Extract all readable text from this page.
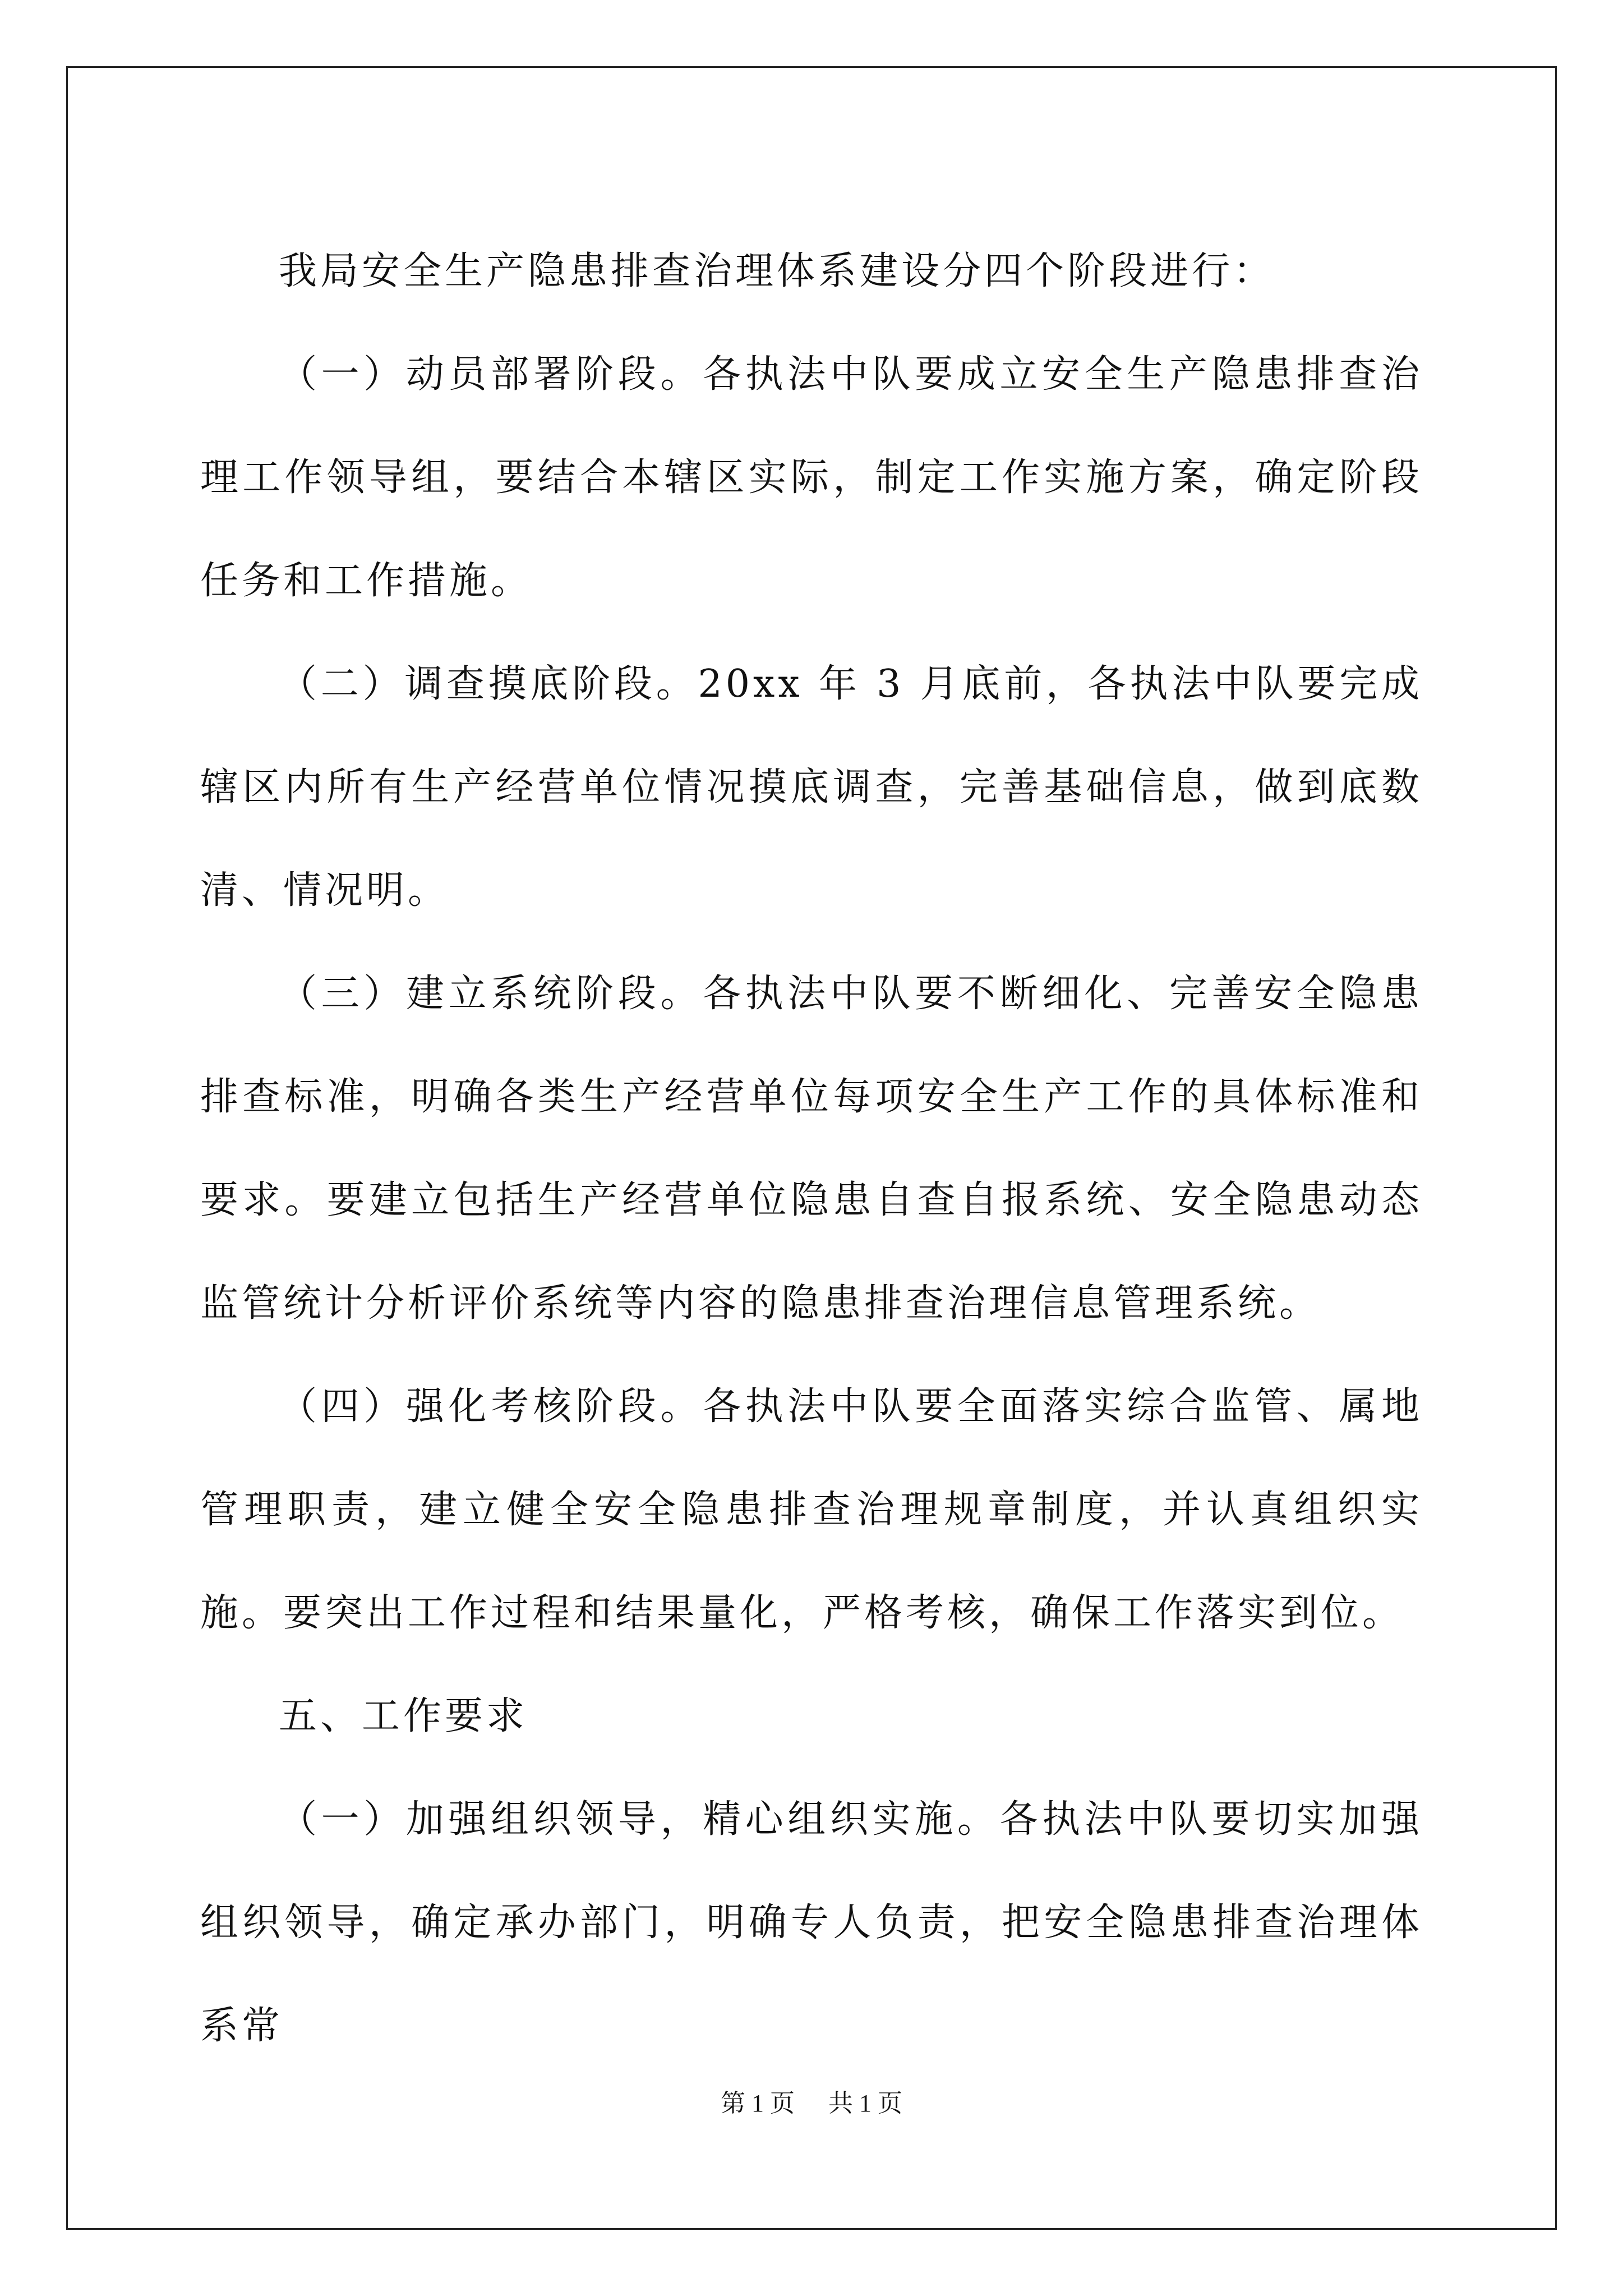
我局安全生产隐患排查治理体系建设分四个阶段进行：

（一）动员部署阶段。各执法中队要成立安全生产隐患排查治理工作领导组，要结合本辖区实际，制定工作实施方案，确定阶段任务和工作措施。

（二）调查摸底阶段。20xx 年 3 月底前，各执法中队要完成辖区内所有生产经营单位情况摸底调查，完善基础信息，做到底数清、情况明。

（三）建立系统阶段。各执法中队要不断细化、完善安全隐患排查标准，明确各类生产经营单位每项安全生产工作的具体标准和要求。要建立包括生产经营单位隐患自查自报系统、安全隐患动态监管统计分析评价系统等内容的隐患排查治理信息管理系统。

（四）强化考核阶段。各执法中队要全面落实综合监管、属地管理职责，建立健全安全隐患排查治理规章制度，并认真组织实施。要突出工作过程和结果量化，严格考核，确保工作落实到位。

五、工作要求

（一）加强组织领导，精心组织实施。各执法中队要切实加强组织领导，确定承办部门，明确专人负责，把安全隐患排查治理体系常

第 1 页 共 1 页
